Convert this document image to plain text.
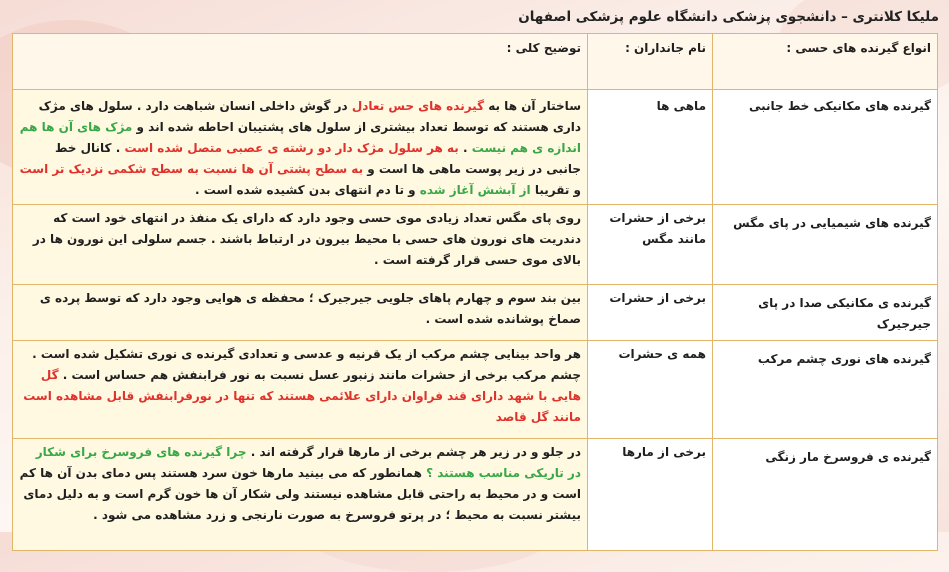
ملیکا کلانتری – دانشجوی پزشکی دانشگاه علوم پزشکی اصفهان
انواع گیرنده های حسی :	نام جانداران :	توضیح کلی :
گیرنده های مکانیکی خط جانبی	ماهی ها	ساختار آن ها به گیرنده های حس تعادل در گوش داخلی انسان شباهت دارد . سلول های مژک داری هستند که توسط تعداد بیشتری از سلول های پشتیبان احاطه شده اند و مژک های آن ها هم اندازه ی هم نیست . به هر سلول مژک دار دو رشته ی عصبی متصل شده است . کانال خط جانبی در زیر پوست ماهی ها است و به سطح پشتی آن ها نسبت به سطح شکمی نزدیک تر است و تقریبا از آبشش آغاز شده و تا دم انتهای بدن کشیده شده است .
گیرنده های شیمیایی در پای مگس	برخی از حشرات مانند مگس	روی پای مگس تعداد زیادی موی حسی وجود دارد که دارای یک منفذ در انتهای خود است که دندریت های نورون های حسی با محیط بیرون در ارتباط باشند . جسم سلولی این نورون ها در بالای موی حسی قرار گرفته است .
گیرنده ی مکانیکی صدا در پای جیرجیرک	برخی از حشرات	بین بند سوم و چهارم پاهای جلویی جیرجیرک ؛ محفظه ی هوایی وجود دارد که توسط پرده ی صماخ پوشانده شده است .
گیرنده های نوری چشم مرکب	همه ی حشرات	هر واحد بینایی چشم مرکب از یک قرنیه و عدسی و تعدادی گیرنده ی نوری تشکیل شده است . چشم مرکب برخی از حشرات مانند زنبور عسل نسبت به نور فرابنفش هم حساس است . گل هایی با شهد دارای قند فراوان دارای علائمی هستند که تنها در نورفرابنفش قابل مشاهده است مانند گل قاصد
گیرنده ی فروسرخ مار زنگی	برخی از مارها	در جلو و در زیر هر چشم برخی از مارها قرار گرفته اند . چرا گیرنده های فروسرخ برای شکار در تاریکی مناسب هستند ؟ همانطور که می بینید مارها خون سرد هستند پس دمای بدن آن ها کم است و در محیط به راحتی قابل مشاهده نیستند ولی شکار آن ها خون گرم است و به دلیل دمای بیشتر نسبت به محیط ؛ در پرتو فروسرخ به صورت نارنجی و زرد مشاهده می شود .
